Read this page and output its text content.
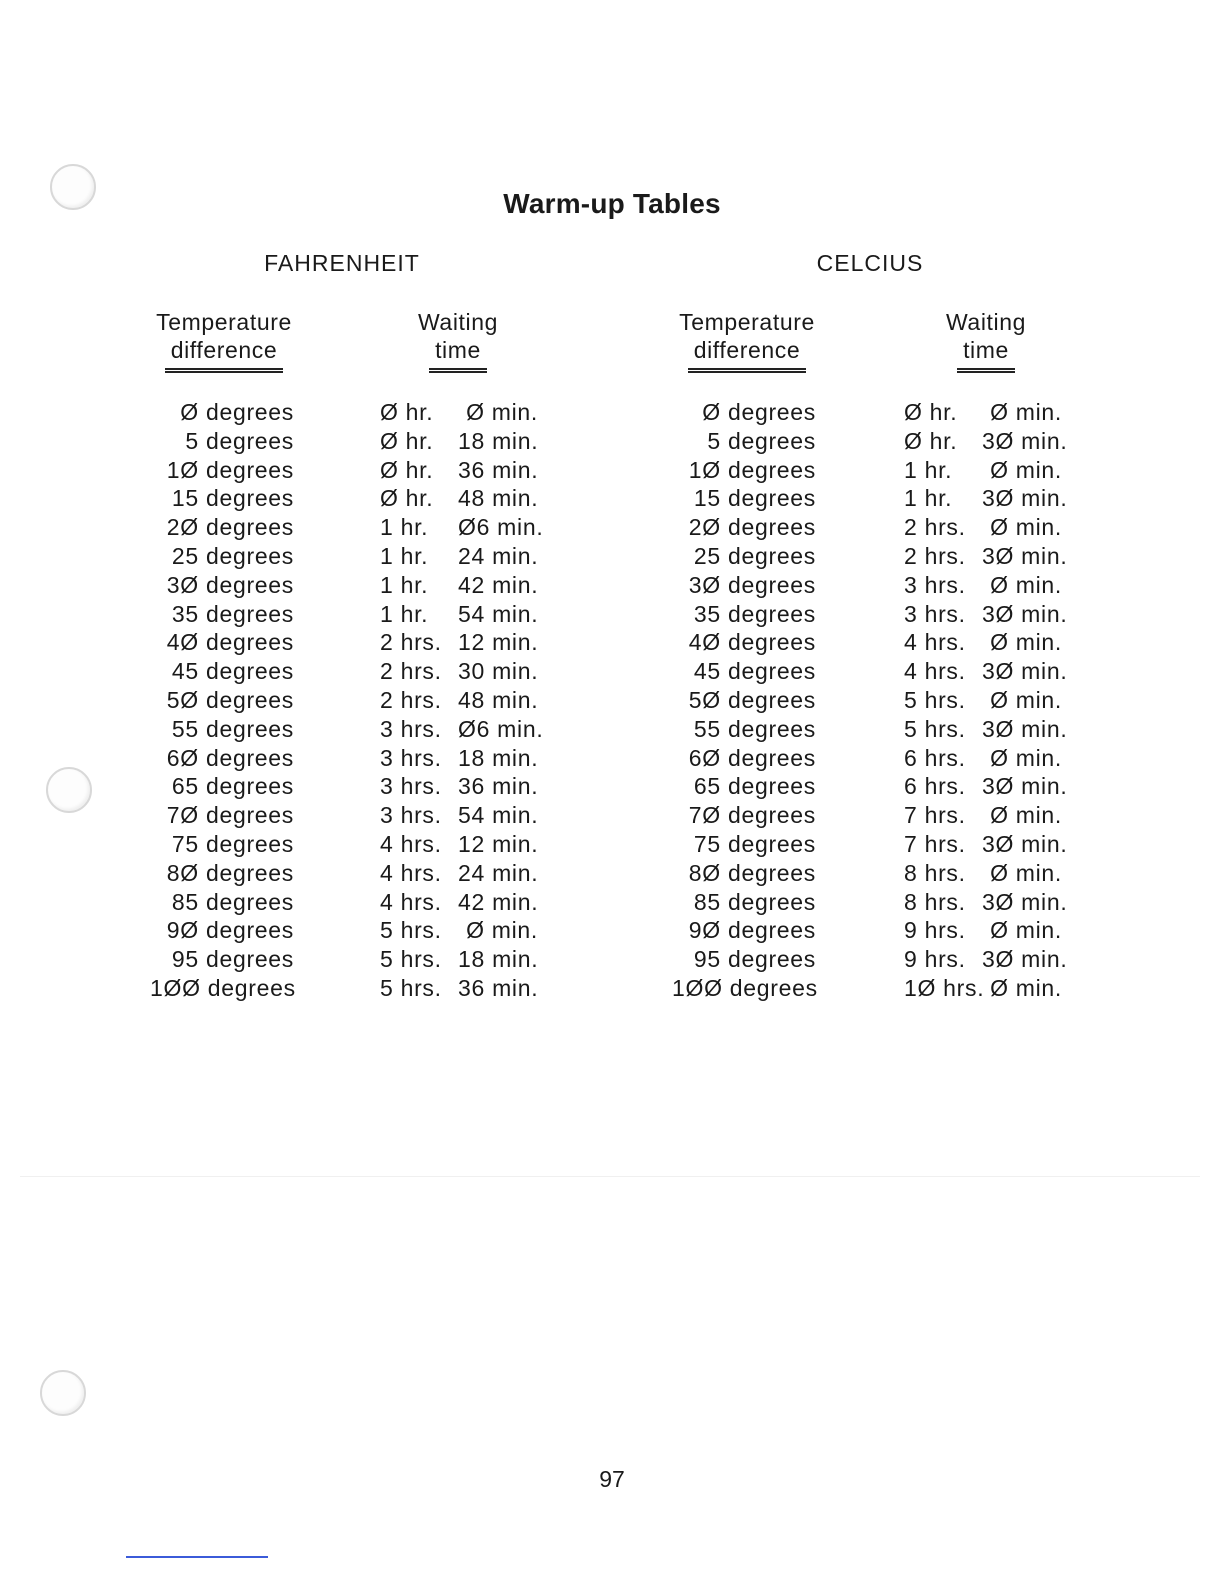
Warm-up Tables
FAHRENHEIT	CELCIUS
Temperature
difference
Waiting
time
Temperature
difference
Waiting
time
Ø degrees
5 degrees
1Ø degrees
15 degrees
2Ø degrees
25 degrees
3Ø degrees
35 degrees
4Ø degrees
45 degrees
5Ø degrees
55 degrees
6Ø degrees
65 degrees
7Ø degrees
75 degrees
8Ø degrees
85 degrees
9Ø degrees
95 degrees
1ØØ degrees
Ø hr. Ø min.
Ø hr. 18 min.
Ø hr. 36 min.
Ø hr. 48 min.
1 hr. Ø6 min.
1 hr. 24 min.
1 hr. 42 min.
1 hr. 54 min.
2 hrs. 12 min.
2 hrs. 30 min.
2 hrs. 48 min.
3 hrs. Ø6 min.
3 hrs. 18 min.
3 hrs. 36 min.
3 hrs. 54 min.
4 hrs. 12 min.
4 hrs. 24 min.
4 hrs. 42 min.
5 hrs. Ø min.
5 hrs. 18 min.
5 hrs. 36 min.
Ø degrees
5 degrees
1Ø degrees
15 degrees
2Ø degrees
25 degrees
3Ø degrees
35 degrees
4Ø degrees
45 degrees
5Ø degrees
55 degrees
6Ø degrees
65 degrees
7Ø degrees
75 degrees
8Ø degrees
85 degrees
9Ø degrees
95 degrees
1ØØ degrees
Ø hr. Ø min.
Ø hr. 3Ø min.
1 hr. Ø min.
1 hr. 3Ø min.
2 hrs. Ø min.
2 hrs. 3Ø min.
3 hrs. Ø min.
3 hrs. 3Ø min.
4 hrs. Ø min.
4 hrs. 3Ø min.
5 hrs. Ø min.
5 hrs. 3Ø min.
6 hrs. Ø min.
6 hrs. 3Ø min.
7 hrs. Ø min.
7 hrs. 3Ø min.
8 hrs. Ø min.
8 hrs. 3Ø min.
9 hrs. Ø min.
9 hrs. 3Ø min.
1Ø hrs. Ø min.
97
